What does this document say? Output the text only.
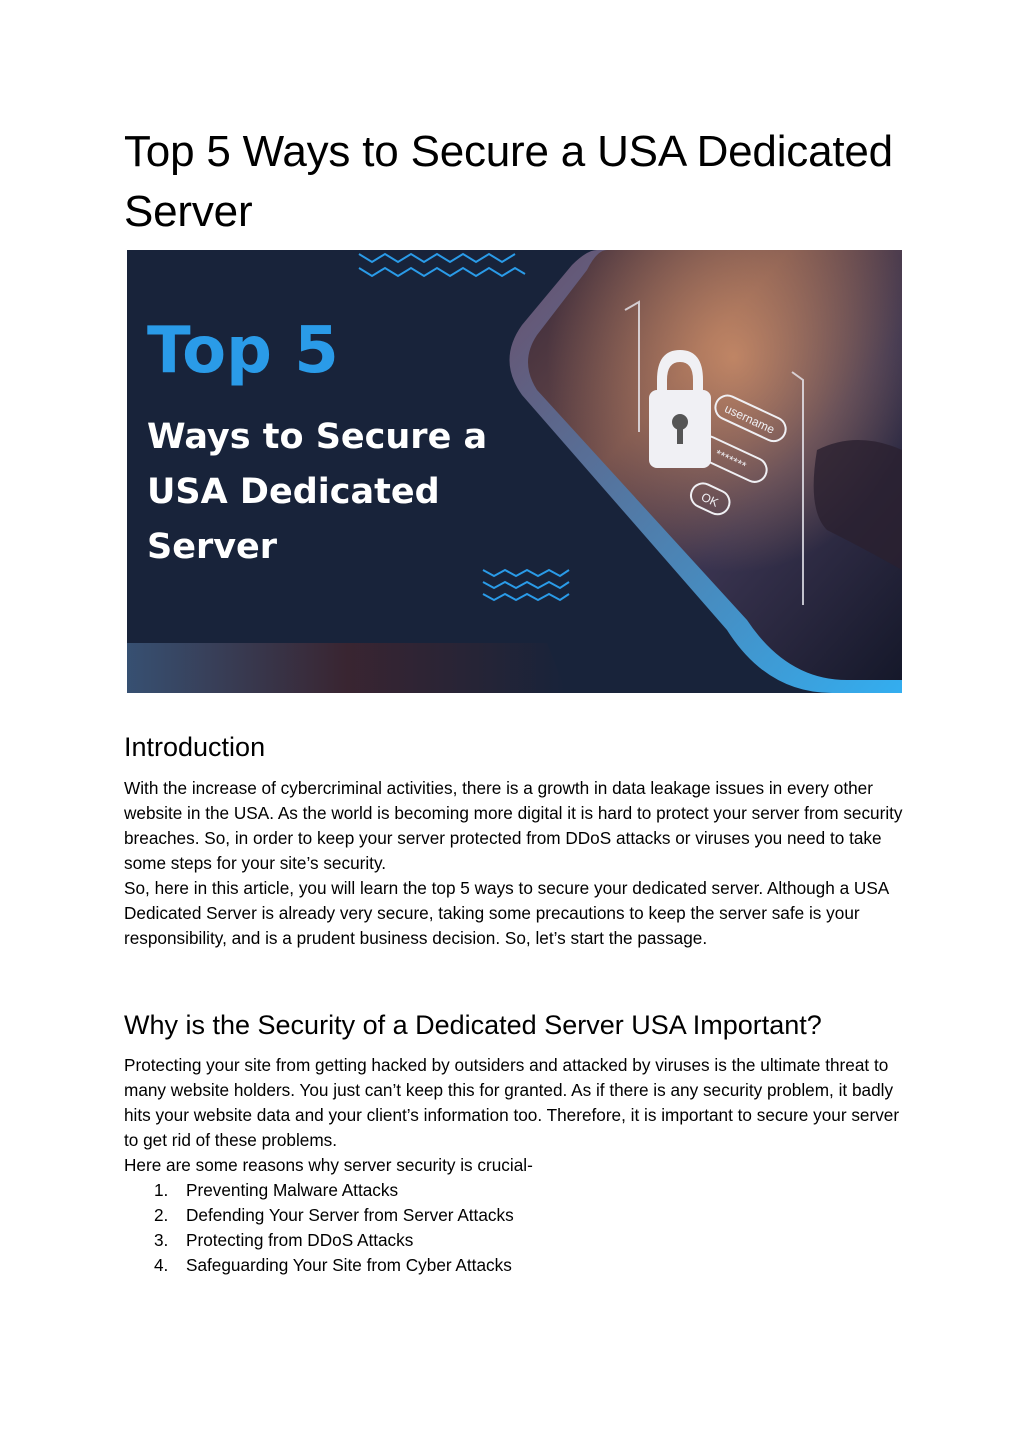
Top 5 Ways to Secure a USA Dedicated Server
username
*******
OK
Top 5
Ways to Secure a
USA Dedicated
Server
Introduction

With the increase of cybercriminal activities, there is a growth in data leakage issues in every other website in the USA. As the world is becoming more digital it is hard to protect your server from security breaches. So, in order to keep your server protected from DDoS attacks or viruses you need to take some steps for your site’s security.

So, here in this article, you will learn the top 5 ways to secure your dedicated server. Although a USA Dedicated Server is already very secure, taking some precautions to keep the server safe is your responsibility, and is a prudent business decision. So, let’s start the passage.

Why is the Security of a Dedicated Server USA Important?

Protecting your site from getting hacked by outsiders and attacked by viruses is the ultimate threat to many website holders. You just can’t keep this for granted. As if there is any security problem, it badly hits your website data and your client’s information too. Therefore, it is important to secure your server to get rid of these problems.

Here are some reasons why server security is crucial-

1.	Preventing Malware Attacks
2.	Defending Your Server from Server Attacks
3.	Protecting from DDoS Attacks
4.	Safeguarding Your Site from Cyber Attacks
